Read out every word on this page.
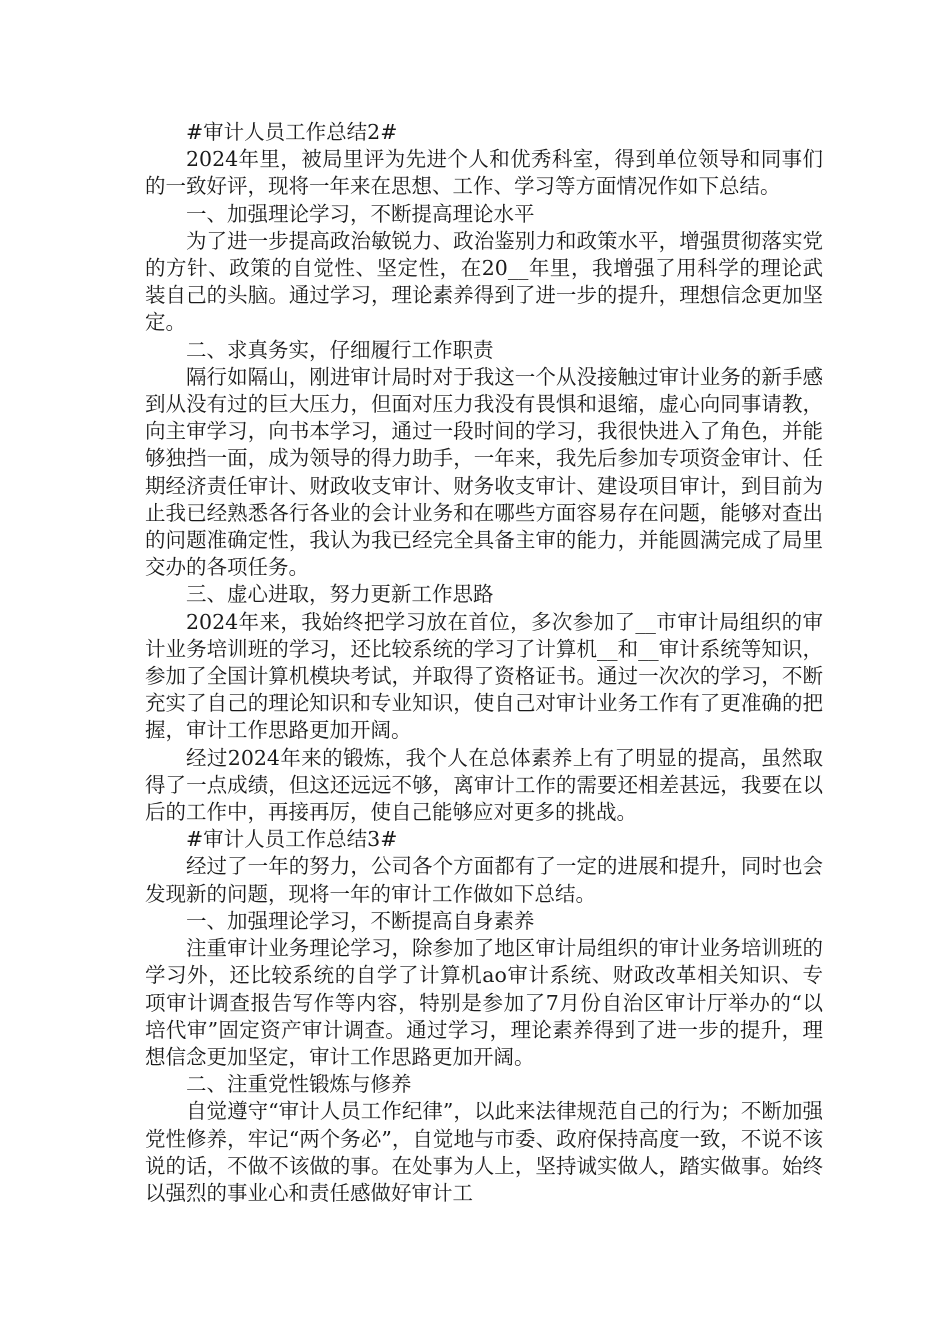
#审计人员工作总结2#

2024年里，被局里评为先进个人和优秀科室，得到单位领导和同事们的一致好评，现将一年来在思想、工作、学习等方面情况作如下总结。

一、加强理论学习，不断提高理论水平

为了进一步提高政治敏锐力、政治鉴别力和政策水平，增强贯彻落实党的方针、政策的自觉性、坚定性，在20__年里，我增强了用科学的理论武装自己的头脑。通过学习，理论素养得到了进一步的提升，理想信念更加坚定。

二、求真务实，仔细履行工作职责

隔行如隔山，刚进审计局时对于我这一个从没接触过审计业务的新手感到从没有过的巨大压力，但面对压力我没有畏惧和退缩，虚心向同事请教，向主审学习，向书本学习，通过一段时间的学习，我很快进入了角色，并能够独挡一面，成为领导的得力助手，一年来，我先后参加专项资金审计、任期经济责任审计、财政收支审计、财务收支审计、建设项目审计，到目前为止我已经熟悉各行各业的会计业务和在哪些方面容易存在问题，能够对查出的问题准确定性，我认为我已经完全具备主审的能力，并能圆满完成了局里交办的各项任务。

三、虚心进取，努力更新工作思路

2024年来，我始终把学习放在首位，多次参加了__市审计局组织的审计业务培训班的学习，还比较系统的学习了计算机__和__审计系统等知识，参加了全国计算机模块考试，并取得了资格证书。通过一次次的学习，不断充实了自己的理论知识和专业知识，使自己对审计业务工作有了更准确的把握，审计工作思路更加开阔。

经过2024年来的锻炼，我个人在总体素养上有了明显的提高，虽然取得了一点成绩，但这还远远不够，离审计工作的需要还相差甚远，我要在以后的工作中，再接再厉，使自己能够应对更多的挑战。

#审计人员工作总结3#

经过了一年的努力，公司各个方面都有了一定的进展和提升，同时也会发现新的问题，现将一年的审计工作做如下总结。

一、加强理论学习，不断提高自身素养

注重审计业务理论学习，除参加了地区审计局组织的审计业务培训班的学习外，还比较系统的自学了计算机ao审计系统、财政改革相关知识、专项审计调查报告写作等内容，特别是参加了7月份自治区审计厅举办的“以培代审”固定资产审计调查。通过学习，理论素养得到了进一步的提升，理想信念更加坚定，审计工作思路更加开阔。

二、注重党性锻炼与修养

自觉遵守“审计人员工作纪律”，以此来法律规范自己的行为；不断加强党性修养，牢记“两个务必”，自觉地与市委、政府保持高度一致，不说不该说的话，不做不该做的事。在处事为人上，坚持诚实做人，踏实做事。始终以强烈的事业心和责任感做好审计工
